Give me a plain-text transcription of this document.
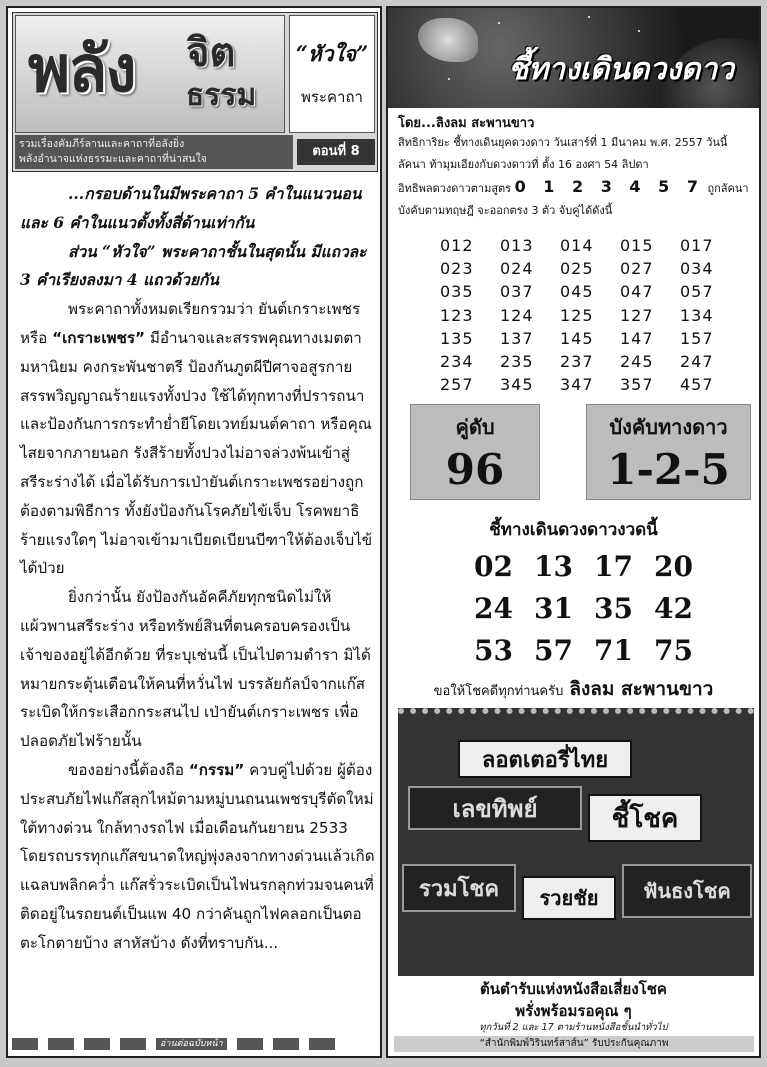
พลัง จิต
ธรรม
“หัวใจ”
พระคาถา
รวมเรื่องคัมภีร์ลานและคาถาที่อลังยิ่ง
พลังอำนาจแห่งธรรมะและคาถาที่น่าสนใจ	ตอนที่ 8

...กรอบด้านในมีพระคาถา 5 คำในแนวนอน และ 6 คำในแนวตั้งทั้งสี่ด้านเท่ากัน

ส่วน “หัวใจ” พระคาถาชั้นในสุดนั้น มีแถวละ 3 คำเรียงลงมา 4 แถวด้วยกัน

พระคาถาทั้งหมดเรียกรวมว่า ยันต์เกราะเพชร หรือ “เกราะเพชร” มีอำนาจและสรรพคุณทางเมตตามหานิยม คงกระพันชาตรี ป้องกันภูตผีปีศาจอสูรกาย สรรพวิญญาณร้ายแรงทั้งปวง ใช้ได้ทุกทางที่ปรารถนาและป้องกันการกระทำย่ำยีโดยเวทย์มนต์คาถา หรือคุณไสยจากภายนอก รังสีร้ายทั้งปวงไม่อาจล่วงพ้นเข้าสู่สรีระร่างได้ เมื่อได้รับการเป่ายันต์เกราะเพชรอย่างถูกต้องตามพิธีการ ทั้งยังป้องกันโรคภัยไข้เจ็บ โรคพยาธิร้ายแรงใดๆ ไม่อาจเข้ามาเบียดเบียนบีฑาให้ต้องเจ็บไข้ได้ป่วย

ยิ่งกว่านั้น ยังป้องกันอัคคีภัยทุกชนิดไม่ให้แผ้วพานสรีระร่าง หรือทรัพย์สินที่ตนครอบครองเป็นเจ้าของอยู่ได้อีกด้วย ที่ระบุเช่นนี้ เป็นไปตามตำรา มิได้หมายกระตุ้นเตือนให้คนที่หวั่นไฟ บรรลัยกัลป์จากแก๊สระเบิดให้กระเสือกกระสนไป เป่ายันต์เกราะเพชร เพื่อปลอดภัยไฟร้ายนั้น

ของอย่างนี้ต้องถือ “กรรม” ควบคู่ไปด้วย ผู้ต้องประสบภัยไฟแก๊สลุกไหม้ตามหมู่บนถนนเพชรบุรีตัดใหม่ใต้ทางด่วน ใกล้ทางรถไฟ เมื่อเดือนกันยายน 2533 โดยรถบรรทุกแก๊สขนาดใหญ่พุ่งลงจากทางด่วนแล้วเกิดแฉลบพลิกคว่ำ แก๊สรั่วระเบิดเป็นไฟนรกลุกท่วมจนคนที่ติดอยู่ในรถยนต์เป็นแพ 40 กว่าคันถูกไฟคลอกเป็นตอตะโกตายบ้าง สาหัสบ้าง ดังที่ทราบกัน...

อ่านต่อฉบับหน้า
ชี้ทางเดินดวงดาว
โดย...ลิงลม สะพานขาว
สิทธิการิยะ ชี้ทางเดินยุคดวงดาว วันเสาร์ที่ 1 มีนาคม พ.ศ. 2557 วันนี้ลัคนา ท้ามุมเอียงกับดวงดาวที่ ตั้ง 16 องศา 54 ลิปดา
อิทธิพลดวงดาวตามสูตร 0 1 2 3 4 5 7 ถูกลัคนาบังคับตามทฤษฎี จะออกตรง 3 ตัว จับคู่ได้ดังนี้
012	013	014	015	017
023	024	025	027	034
035	037	045	047	057
123	124	125	127	134
135	137	145	147	157
234	235	237	245	247
257	345	347	357	457
คู่ดับ
96
บังคับทางดาว
1-2-5
ชี้ทางเดินดวงดาวงวดนี้
02 13 17 20
24 31 35 42
53 57 71 75
ขอให้โชคดีทุกท่านครับ ลิงลม สะพานขาว
ลอตเตอรี่ไทย
เลขทิพย์	ชี้โชค
รวมโชค	รวยชัย	ฟันธงโชค
ต้นตำรับแห่งหนังสือเสี่ยงโชค
พรั่งพร้อมรอคุณ ๆ
ทุกวันที่ 2 และ 17 ตามร้านหนังสือชั้นนำทั่วไป
“สำนักพิมพ์วิรินทร์สาส์น” รับประกันคุณภาพ
